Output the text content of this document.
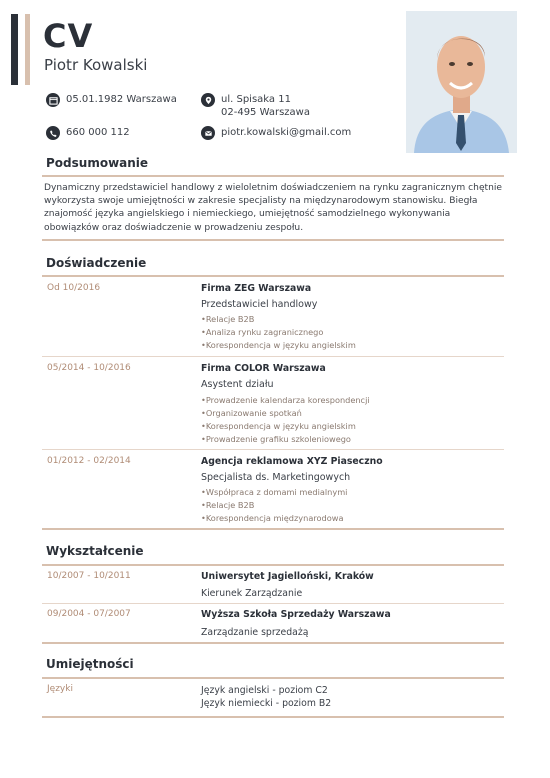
CV
Piotr Kowalski
05.01.1982 Warszawa	ul. Spisaka 11
02-495 Warszawa
660 000 112	piotr.kowalski@gmail.com
Podsumowanie
Dynamiczny przedstawiciel handlowy z wieloletnim doświadczeniem na rynku zagranicznym chętnie wykorzysta swoje umiejętności w zakresie specjalisty na międzynarodowym stanowisku. Biegła znajomość języka angielskiego i niemieckiego, umiejętność samodzielnego wykonywania obowiązków oraz doświadczenie w prowadzeniu zespołu.
Doświadczenie
Od 10/2016	Firma ZEG Warszawa
Przedstawiciel handlowy
• Relacje B2B
• Analiza rynku zagranicznego
• Korespondencja w języku angielskim
05/2014 - 10/2016	Firma COLOR Warszawa
Asystent działu
• Prowadzenie kalendarza korespondencji
• Organizowanie spotkań
• Korespondencja w języku angielskim
• Prowadzenie grafiku szkoleniowego
01/2012 - 02/2014	Agencja reklamowa XYZ Piaseczno
Specjalista ds. Marketingowych
• Współpraca z domami medialnymi
• Relacje B2B
• Korespondencja międzynarodowa
Wykształcenie
10/2007 - 10/2011	Uniwersytet Jagielloński, Kraków
Kierunek Zarządzanie
09/2004 - 07/2007	Wyższa Szkoła Sprzedaży Warszawa
Zarządzanie sprzedażą
Umiejętności
Języki	Język angielski - poziom C2
Język niemiecki - poziom B2
